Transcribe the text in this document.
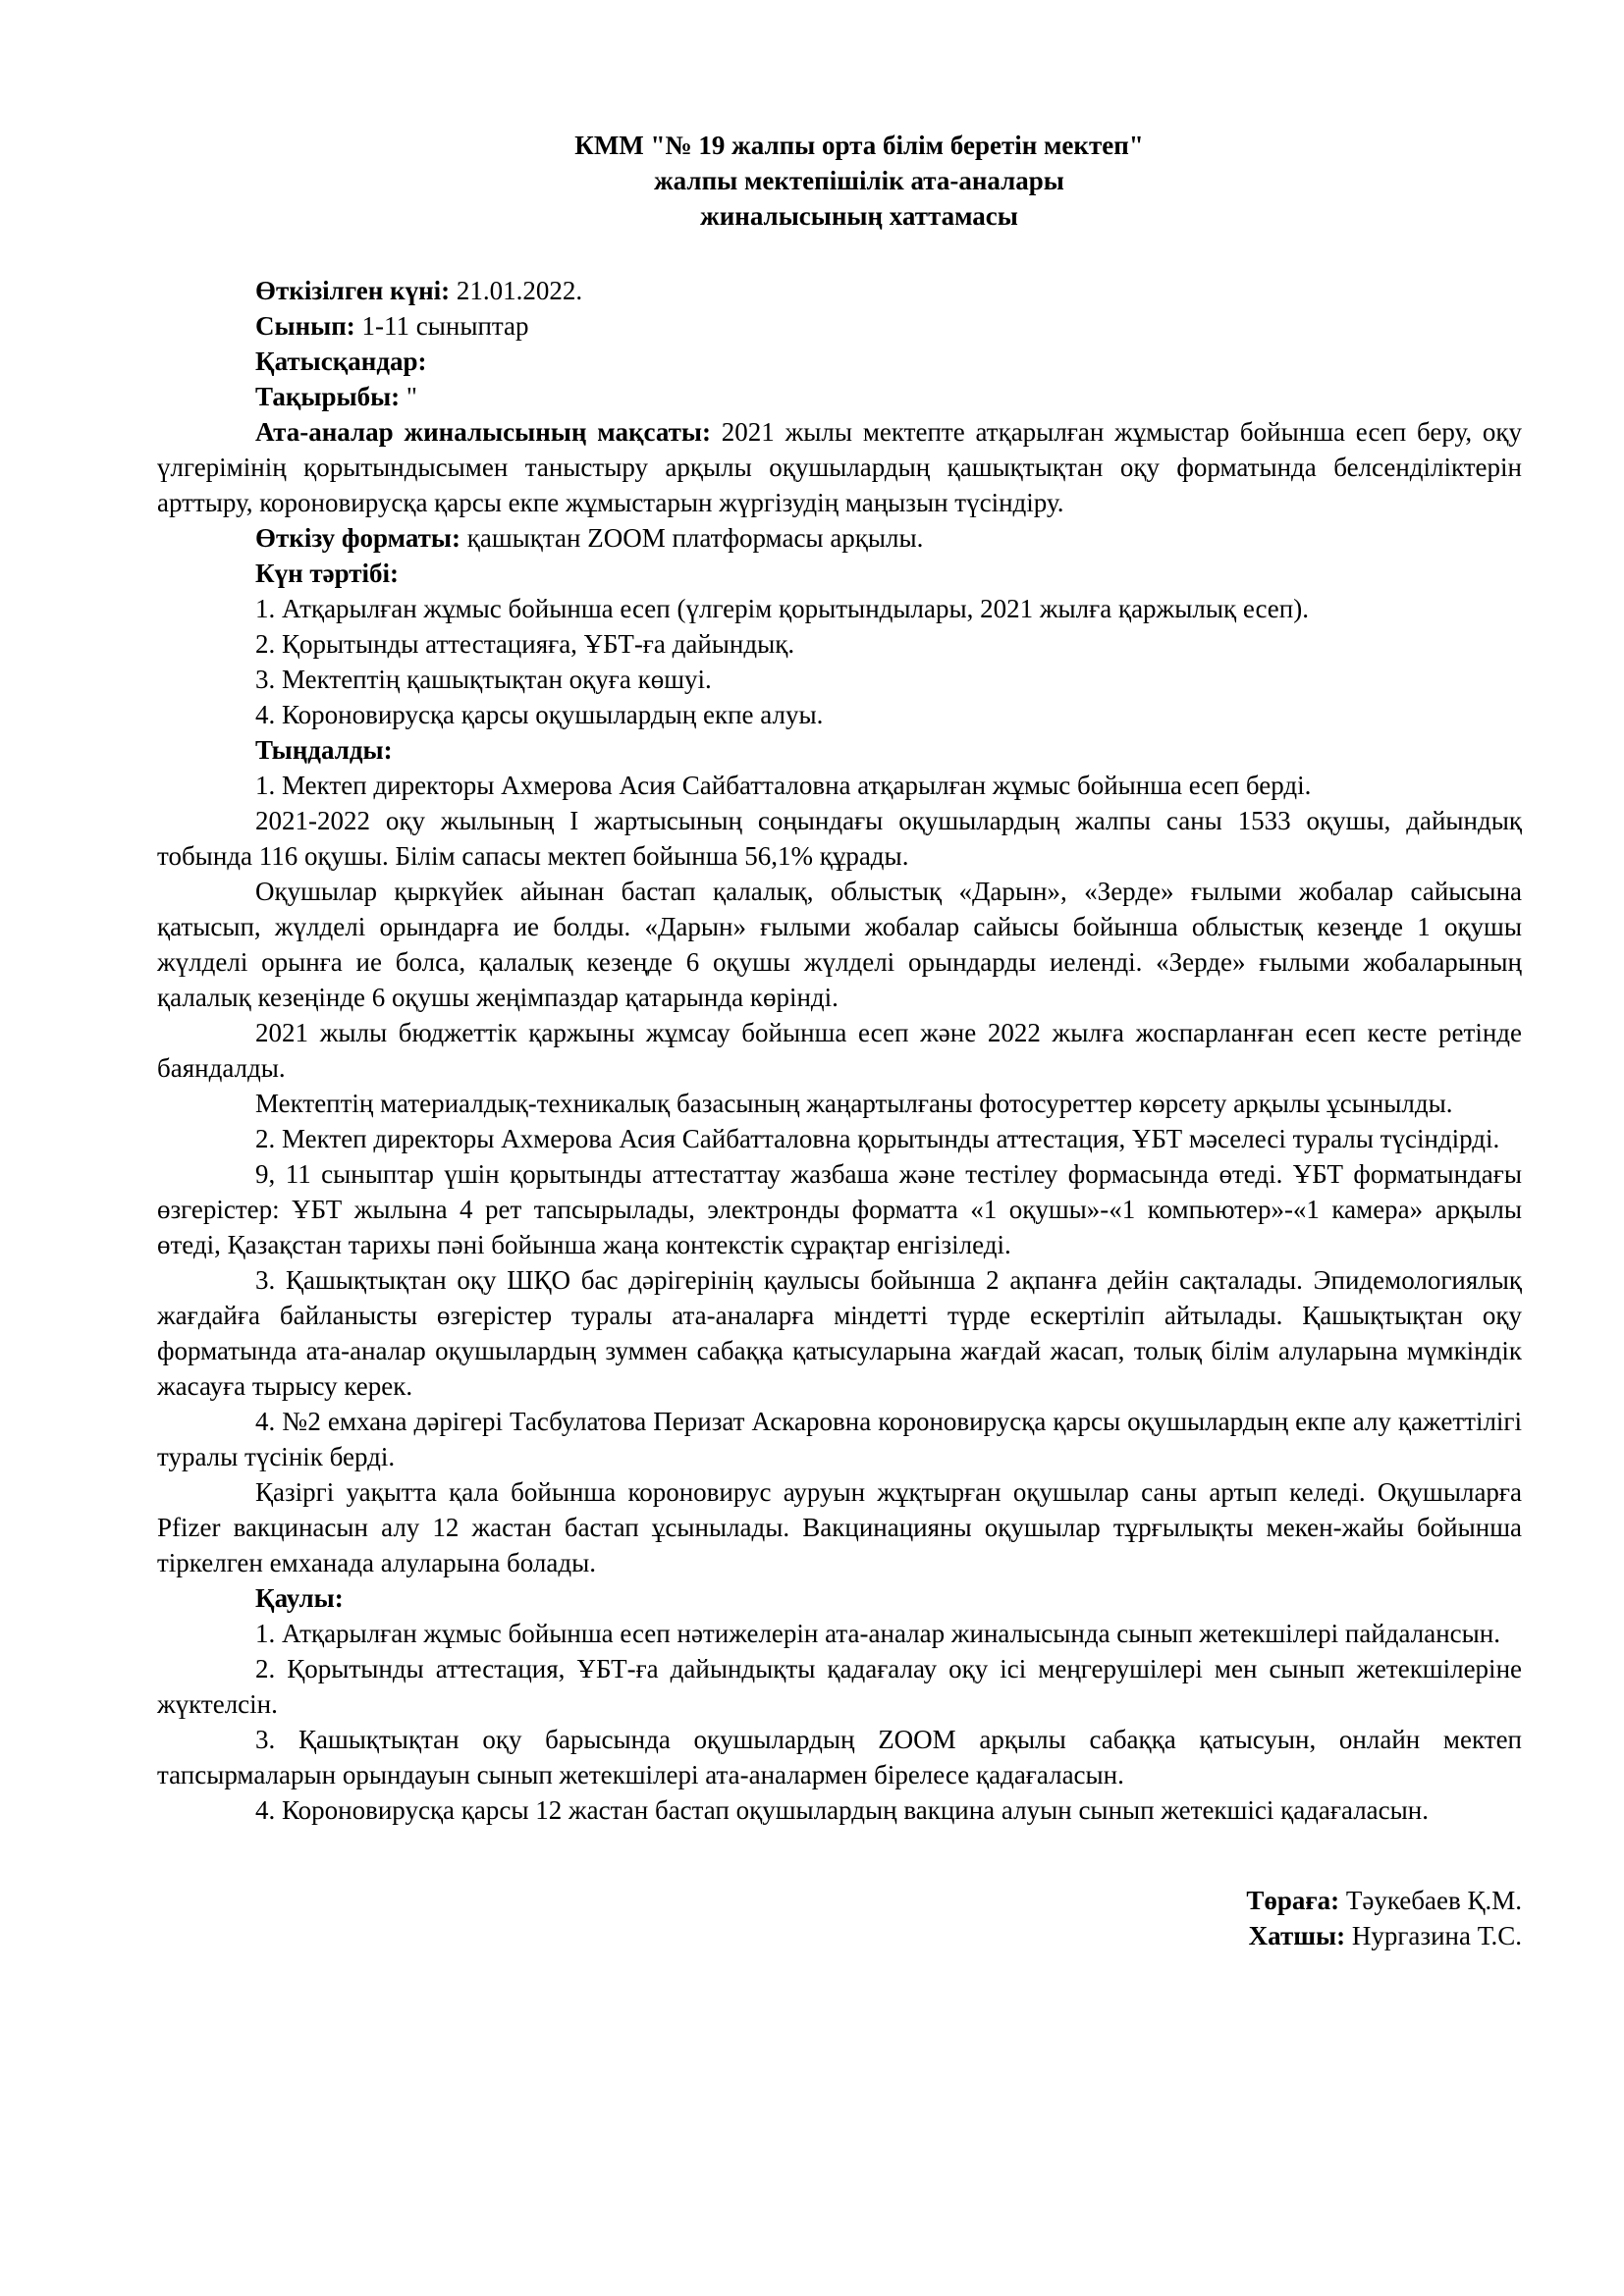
КММ "№ 19 жалпы орта білім беретін мектеп"
жалпы мектепішілік ата-аналары
жиналысының хаттамасы

Өткізілген күні: 21.01.2022.

Сынып: 1-11 сыныптар

Қатысқандар:

Тақырыбы: "

Ата-аналар жиналысының мақсаты: 2021 жылы мектепте атқарылған жұмыстар бойынша есеп беру, оқу үлгерімінің қорытындысымен таныстыру арқылы оқушылардың қашықтықтан оқу форматында белсенділіктерін арттыру, короновирусқа қарсы екпе жұмыстарын жүргізудің маңызын түсіндіру.

Өткізу форматы: қашықтан ZOOM платформасы арқылы.

Күн тәртібі:

1. Атқарылған жұмыс бойынша есеп (үлгерім қорытындылары, 2021 жылға қаржылық есеп).

2. Қорытынды аттестацияға, ҰБТ-ға дайындық.

3. Мектептің қашықтықтан оқуға көшуі.

4. Короновирусқа қарсы оқушылардың екпе алуы.

Тыңдалды:

1. Мектеп директоры Ахмерова Асия Сайбатталовна атқарылған жұмыс бойынша есеп берді.

2021-2022 оқу жылының І жартысының соңындағы оқушылардың жалпы саны 1533 оқушы, дайындық тобында 116 оқушы. Білім сапасы мектеп бойынша 56,1% құрады.

Оқушылар қыркүйек айынан бастап қалалық, облыстық «Дарын», «Зерде» ғылыми жобалар сайысына қатысып, жүлделі орындарға ие болды. «Дарын» ғылыми жобалар сайысы бойынша облыстық кезеңде 1 оқушы жүлделі орынға ие болса, қалалық кезеңде 6 оқушы жүлделі орындарды иеленді. «Зерде» ғылыми жобаларының қалалық кезеңінде 6 оқушы жеңімпаздар қатарында көрінді.

2021 жылы бюджеттік қаржыны жұмсау бойынша есеп және 2022 жылға жоспарланған есеп кесте ретінде баяндалды.

Мектептің материалдық-техникалық базасының жаңартылғаны фотосуреттер көрсету арқылы ұсынылды.

2. Мектеп директоры Ахмерова Асия Сайбатталовна қорытынды аттестация, ҰБТ мәселесі туралы түсіндірді.

9, 11 сыныптар үшін қорытынды аттестаттау жазбаша және тестілеу формасында өтеді. ҰБТ форматындағы өзгерістер: ҰБТ жылына 4 рет тапсырылады, электронды форматта «1 оқушы»-«1 компьютер»-«1 камера» арқылы өтеді, Қазақстан тарихы пәні бойынша жаңа контекстік сұрақтар енгізіледі.

3. Қашықтықтан оқу ШҚО бас дәрігерінің қаулысы бойынша 2 ақпанға дейін сақталады. Эпидемологиялық жағдайға байланысты өзгерістер туралы ата-аналарға міндетті түрде ескертіліп айтылады. Қашықтықтан оқу форматында ата-аналар оқушылардың зуммен сабаққа қатысуларына жағдай жасап, толық білім алуларына мүмкіндік жасауға тырысу керек.

4. №2 емхана дәрігері Тасбулатова Перизат Аскаровна короновирусқа қарсы оқушылардың екпе алу қажеттілігі туралы түсінік берді.

Қазіргі уақытта қала бойынша короновирус ауруын жұқтырған оқушылар саны артып келеді. Оқушыларға Pfizer вакцинасын алу 12 жастан бастап ұсынылады. Вакцинацияны оқушылар тұрғылықты мекен-жайы бойынша тіркелген емханада алуларына болады.

Қаулы:

1. Атқарылған жұмыс бойынша есеп нәтижелерін ата-аналар жиналысында сынып жетекшілері пайдалансын.

2. Қорытынды аттестация, ҰБТ-ға дайындықты қадағалау оқу ісі меңгерушілері мен сынып жетекшілеріне жүктелсін.

3. Қашықтықтан оқу барысында оқушылардың ZOOM арқылы сабаққа қатысуын, онлайн мектеп тапсырмаларын орындауын сынып жетекшілері ата-аналармен бірелесе қадағаласын.

4. Короновирусқа қарсы 12 жастан бастап оқушылардың вакцина алуын сынып жетекшісі қадағаласын.

Төраға: Тәукебаев Қ.М.
Хатшы: Нургазина Т.С.
